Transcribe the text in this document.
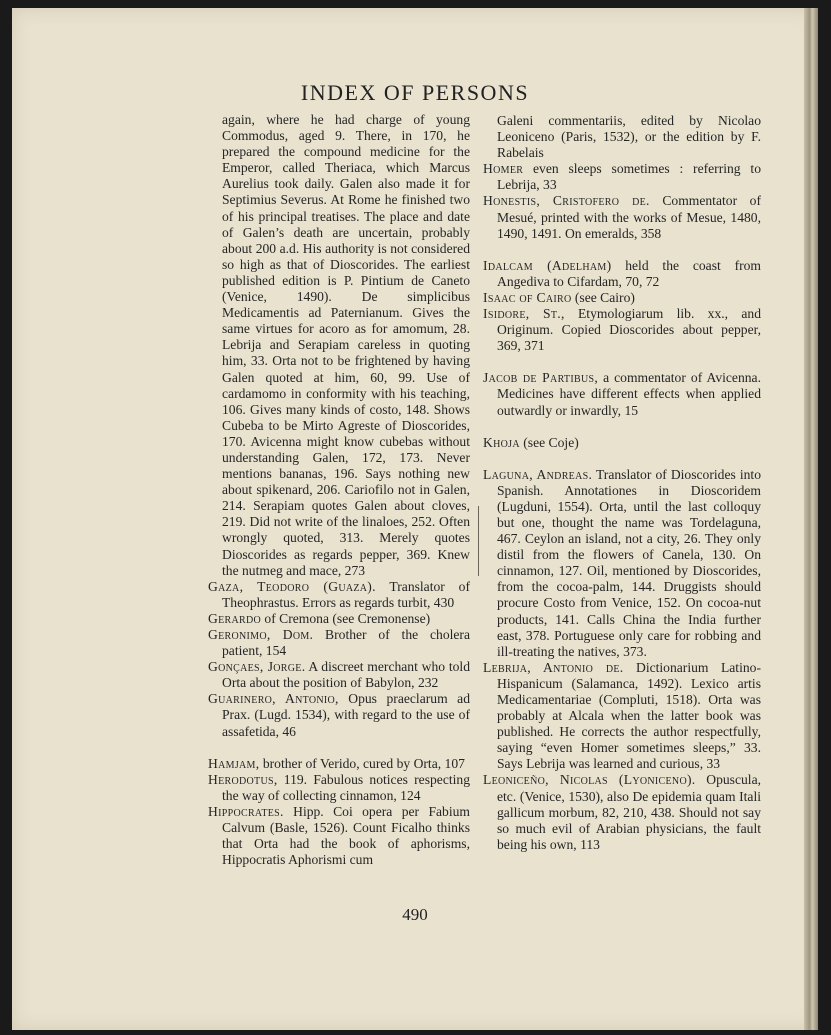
INDEX OF PERSONS

again, where he had charge of young Commodus, aged 9. There, in 170, he prepared the compound medicine for the Emperor, called Theriaca, which Marcus Aurelius took daily. Galen also made it for Septimius Severus. At Rome he finished two of his principal treatises. The place and date of Galen’s death are uncertain, probably about 200 a.d. His authority is not considered so high as that of Dioscorides. The earliest published edition is P. Pintium de Caneto (Venice, 1490). De simplicibus Medicamentis ad Paternianum. Gives the same virtues for acoro as for amomum, 28. Lebrija and Serapiam careless in quoting him, 33. Orta not to be frightened by having Galen quoted at him, 60, 99. Use of cardamomo in conformity with his teaching, 106. Gives many kinds of costo, 148. Shows Cubeba to be Mirto Agreste of Dioscorides, 170. Avicenna might know cubebas without understanding Galen, 172, 173. Never mentions bananas, 196. Says nothing new about spikenard, 206. Cariofilo not in Galen, 214. Serapiam quotes Galen about cloves, 219. Did not write of the linaloes, 252. Often wrongly quoted, 313. Merely quotes Dioscorides as regards pepper, 369. Knew the nutmeg and mace, 273

Gaza, Teodoro (Guaza). Translator of Theophrastus. Errors as regards turbit, 430

Gerardo of Cremona (see Cremonense)

Geronimo, Dom. Brother of the cholera patient, 154

Gonçaes, Jorge. A discreet merchant who told Orta about the position of Babylon, 232

Guarinero, Antonio, Opus praeclarum ad Prax. (Lugd. 1534), with regard to the use of assafetida, 46

Hamjam, brother of Verido, cured by Orta, 107

Herodotus, 119. Fabulous notices respecting the way of collecting cinnamon, 124

Hippocrates. Hipp. Coi opera per Fabium Calvum (Basle, 1526). Count Ficalho thinks that Orta had the book of aphorisms, Hippocratis Aphorismi cum

Galeni commentariis, edited by Nicolao Leoniceno (Paris, 1532), or the edition by F. Rabelais

Homer even sleeps sometimes : referring to Lebrija, 33

Honestis, Cristofero de. Commentator of Mesué, printed with the works of Mesue, 1480, 1490, 1491. On emeralds, 358

Idalcam (Adelham) held the coast from Angediva to Cifardam, 70, 72

Isaac of Cairo (see Cairo)

Isidore, St., Etymologiarum lib. xx., and Originum. Copied Dioscorides about pepper, 369, 371

Jacob de Partibus, a commentator of Avicenna. Medicines have different effects when applied outwardly or inwardly, 15

Khoja (see Coje)

Laguna, Andreas. Translator of Dioscorides into Spanish. Annotationes in Dioscoridem (Lugduni, 1554). Orta, until the last colloquy but one, thought the name was Tordelaguna, 467. Ceylon an island, not a city, 26. They only distil from the flowers of Canela, 130. On cinnamon, 127. Oil, mentioned by Dioscorides, from the cocoa-palm, 144. Druggists should procure Costo from Venice, 152. On cocoa-nut products, 141. Calls China the India further east, 378. Portuguese only care for robbing and ill-treating the natives, 373.

Lebrija, Antonio de. Dictionarium Latino-Hispanicum (Salamanca, 1492). Lexico artis Medicamentariae (Compluti, 1518). Orta was probably at Alcala when the latter book was published. He corrects the author respectfully, saying “even Homer sometimes sleeps,” 33. Says Lebrija was learned and curious, 33

Leoniceño, Nicolas (Lyoniceno). Opuscula, etc. (Venice, 1530), also De epidemia quam Itali gallicum morbum, 82, 210, 438. Should not say so much evil of Arabian physicians, the fault being his own, 113

490
